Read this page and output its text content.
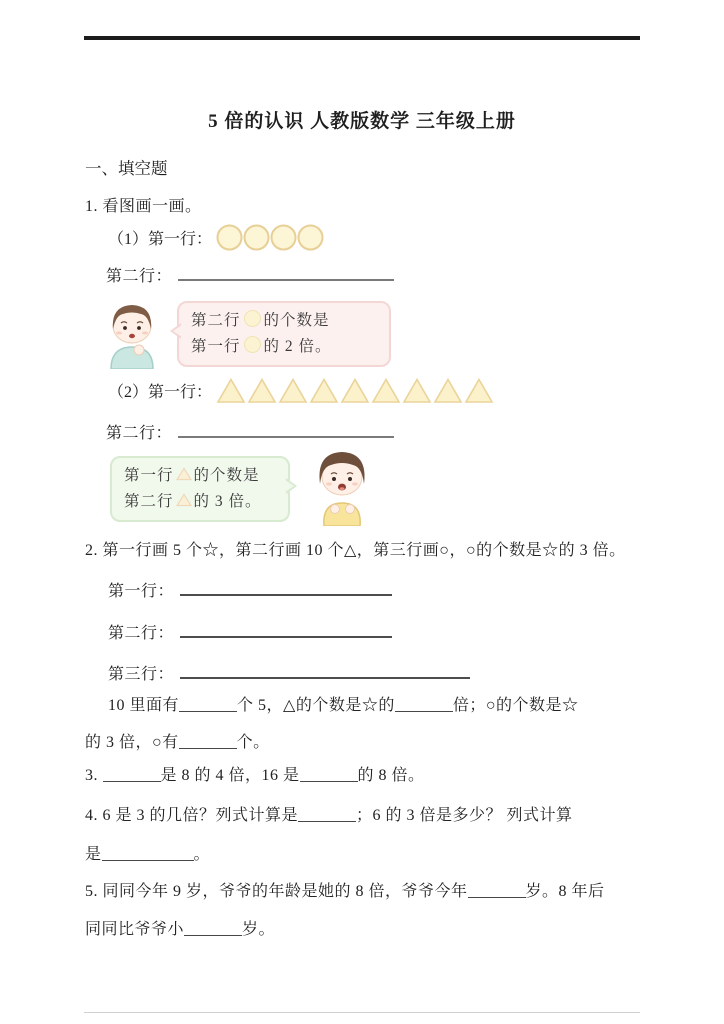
5 倍的认识 人教版数学 三年级上册
一、填空题
1. 看图画一画。
（1）第一行：
第二行：
第二行 的个数是
第一行 的 2 倍。
（2）第一行：
第二行：
第一行 的个数是
第二行 的 3 倍。
2. 第一行画 5 个☆，第二行画 10 个△，第三行画○，○的个数是☆的 3 倍。
第一行：
第二行：
第三行：
10 里面有	个 5，△的个数是☆的	倍；○的个数是☆
的 3 倍，○有	个。
3.	是 8 的 4 倍，16 是	的 8 倍。
4. 6 是 3 的几倍？列式计算是	；6 的 3 倍是多少？ 列式计算
是	。
5. 同同今年 9 岁，爷爷的年龄是她的 8 倍，爷爷今年	岁。8 年后
同同比爷爷小	岁。
